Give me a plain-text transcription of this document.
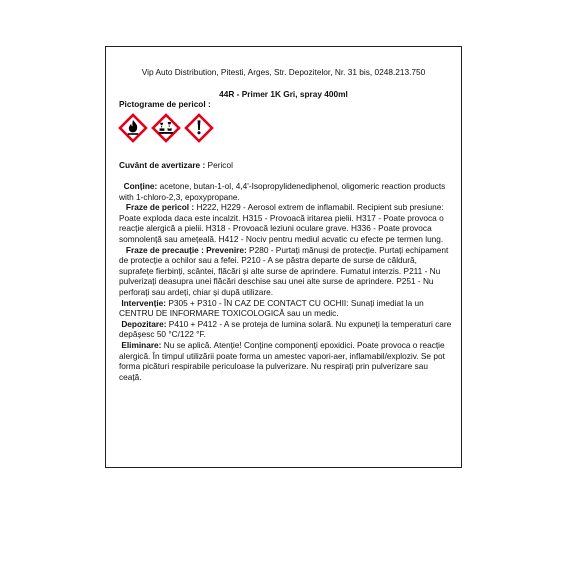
Vip Auto Distribution, Pitesti, Arges, Str. Depozitelor, Nr. 31 bis, 0248.213.750
44R - Primer 1K Gri, spray 400ml
Pictograme de pericol :
Cuvânt de avertizare : Pericol

Conține: acetone, butan-1-ol, 4,4'-Isopropylidenediphenol, oligomeric reaction products with 1-chloro-2,3, epoxypropane.

Fraze de pericol : H222, H229 - Aerosol extrem de inflamabil. Recipient sub presiune: Poate exploda daca este incalzit. H315 - Provoacă iritarea pielii. H317 - Poate provoca o reacție alergică a pielii. H318 - Provoacă leziuni oculare grave. H336 - Poate provoca somnolență sau amețeală. H412 - Nociv pentru mediul acvatic cu efecte pe termen lung.

Fraze de precauție : Prevenire: P280 - Purtați mănuși de protecție. Purtați echipament de protecție a ochilor sau a fefei. P210 - A se păstra departe de surse de căldură, suprafețe fierbinți, scântei, flăcări și alte surse de aprindere. Fumatul interzis. P211 - Nu pulverizați deasupra unei flăcări deschise sau unei alte surse de aprindere. P251 - Nu perforați sau ardeți, chiar și după utilizare.

Intervenție: P305 + P310 - ÎN CAZ DE CONTACT CU OCHII: Sunați imediat la un CENTRU DE INFORMARE TOXICOLOGICĂ sau un medic.

Depozitare: P410 + P412 - A se proteja de lumina solară. Nu expuneți la temperaturi care depășesc 50 °C/122 °F.

Eliminare: Nu se aplică. Atenție! Conține componenți epoxidici. Poate provoca o reacție alergică. În timpul utilizării poate forma un amestec vapori-aer, inflamabil/exploziv. Se pot forma picături respirabile periculoase la pulverizare. Nu respirați prin pulverizare sau ceață.
